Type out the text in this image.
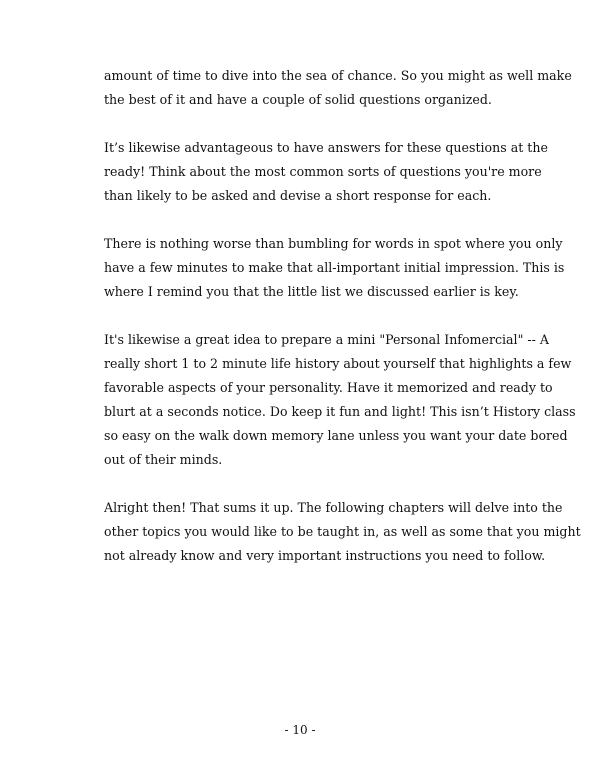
amount of time to dive into the sea of chance. So you might as well make
the best of it and have a couple of solid questions organized.

It’s likewise advantageous to have answers for these questions at the
ready! Think about the most common sorts of questions you're more
than likely to be asked and devise a short response for each.

There is nothing worse than bumbling for words in spot where you only
have a few minutes to make that all-important initial impression. This is
where I remind you that the little list we discussed earlier is key.

It's likewise a great idea to prepare a mini "Personal Infomercial" -- A
really short 1 to 2 minute life history about yourself that highlights a few
favorable aspects of your personality. Have it memorized and ready to
blurt at a seconds notice. Do keep it fun and light! This isn’t History class
so easy on the walk down memory lane unless you want your date bored
out of their minds.

Alright then! That sums it up. The following chapters will delve into the
other topics you would like to be taught in, as well as some that you might
not already know and very important instructions you need to follow.

- 10 -
